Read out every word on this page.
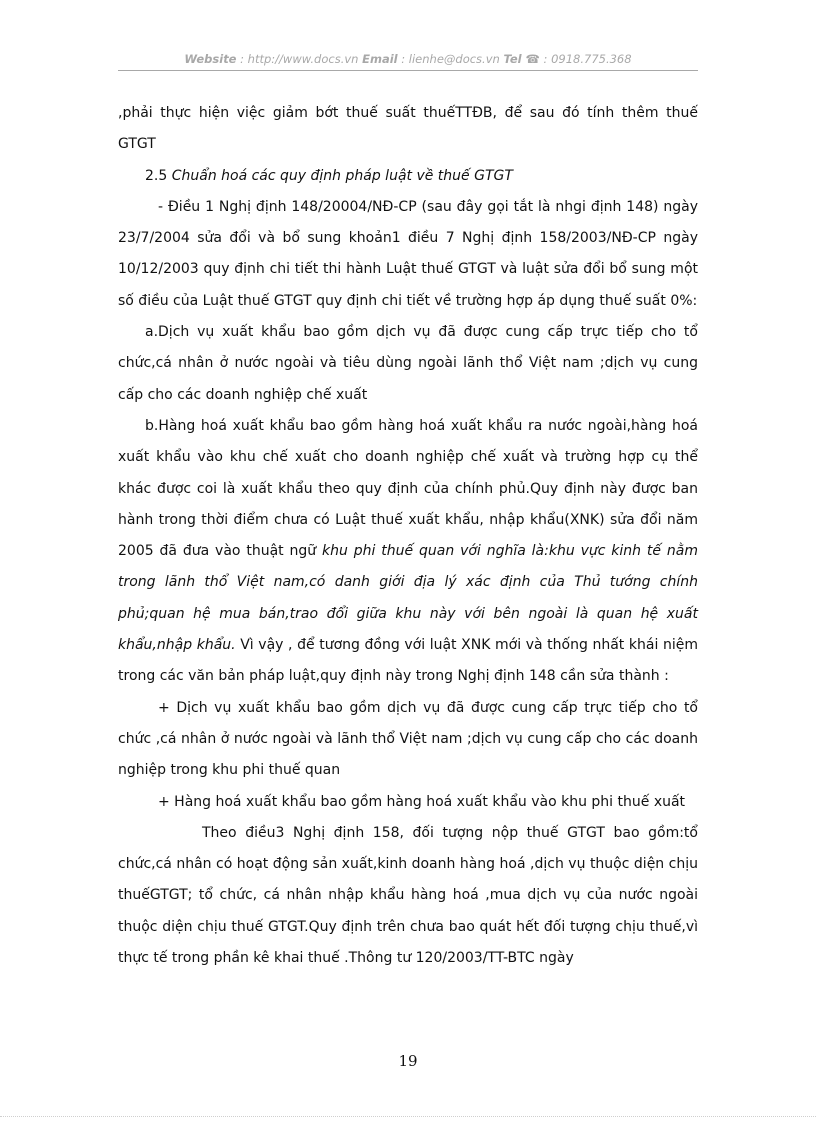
Website : http://www.docs.vn Email : lienhe@docs.vn Tel ☎ : 0918.775.368

,phải thực hiện việc giảm bớt thuế suất thuếTTĐB, để sau đó tính thêm thuế
GTGT

2.5 Chuẩn hoá các quy định pháp luật về thuế GTGT

- Điều 1 Nghị định 148/20004/NĐ-CP (sau đây gọi tắt là nhgi định 148) ngày 23/7/2004 sửa đổi và bổ sung khoản1 điều 7 Nghị định 158/2003/NĐ-CP ngày 10/12/2003 quy định chi tiết thi hành Luật thuế GTGT và luật sửa đổi bổ sung một số điều của Luật thuế GTGT quy định chi tiết về trường hợp áp dụng thuế suất 0%:

a.Dịch vụ xuất khẩu bao gồm dịch vụ đã được cung cấp trực tiếp cho tổ chức,cá nhân ở nước ngoài và tiêu dùng ngoài lãnh thổ Việt nam ;dịch vụ cung cấp cho các doanh nghiệp chế xuất

b.Hàng hoá xuất khẩu bao gồm hàng hoá xuất khẩu ra nước ngoài,hàng hoá xuất khẩu vào khu chế xuất cho doanh nghiệp chế xuất và trường hợp cụ thể khác được coi là xuất khẩu theo quy định của chính phủ.Quy định này được ban hành trong thời điểm chưa có Luật thuế xuất khẩu, nhập khẩu(XNK) sửa đổi năm 2005 đã đưa vào thuật ngữ khu phi thuế quan với nghĩa là:khu vực kinh tế nằm trong lãnh thổ Việt nam,có danh giới địa lý xác định của Thủ tướng chính phủ;quan hệ mua bán,trao đổi giữa khu này với bên ngoài là quan hệ xuất khẩu,nhập khẩu. Vì vậy , để tương đồng với luật XNK mới và thống nhất khái niệm trong các văn bản pháp luật,quy định này trong Nghị định 148 cần sửa thành :

+ Dịch vụ xuất khẩu bao gồm dịch vụ đã được cung cấp trực tiếp cho tổ chức ,cá nhân ở nước ngoài và lãnh thổ Việt nam ;dịch vụ cung cấp cho các doanh nghiệp trong khu phi thuế quan

+ Hàng hoá xuất khẩu bao gồm hàng hoá xuất khẩu vào khu phi thuế xuất

Theo điều3 Nghị định 158, đối tượng nộp thuế GTGT bao gồm:tổ chức,cá nhân có hoạt động sản xuất,kinh doanh hàng hoá ,dịch vụ thuộc diện chịu thuếGTGT; tổ chức, cá nhân nhập khẩu hàng hoá ,mua dịch vụ của nước ngoài thuộc diện chịu thuế GTGT.Quy định trên chưa bao quát hết đối tượng chịu thuế,vì thực tế trong phần kê khai thuế .Thông tư 120/2003/TT-BTC ngày

19
